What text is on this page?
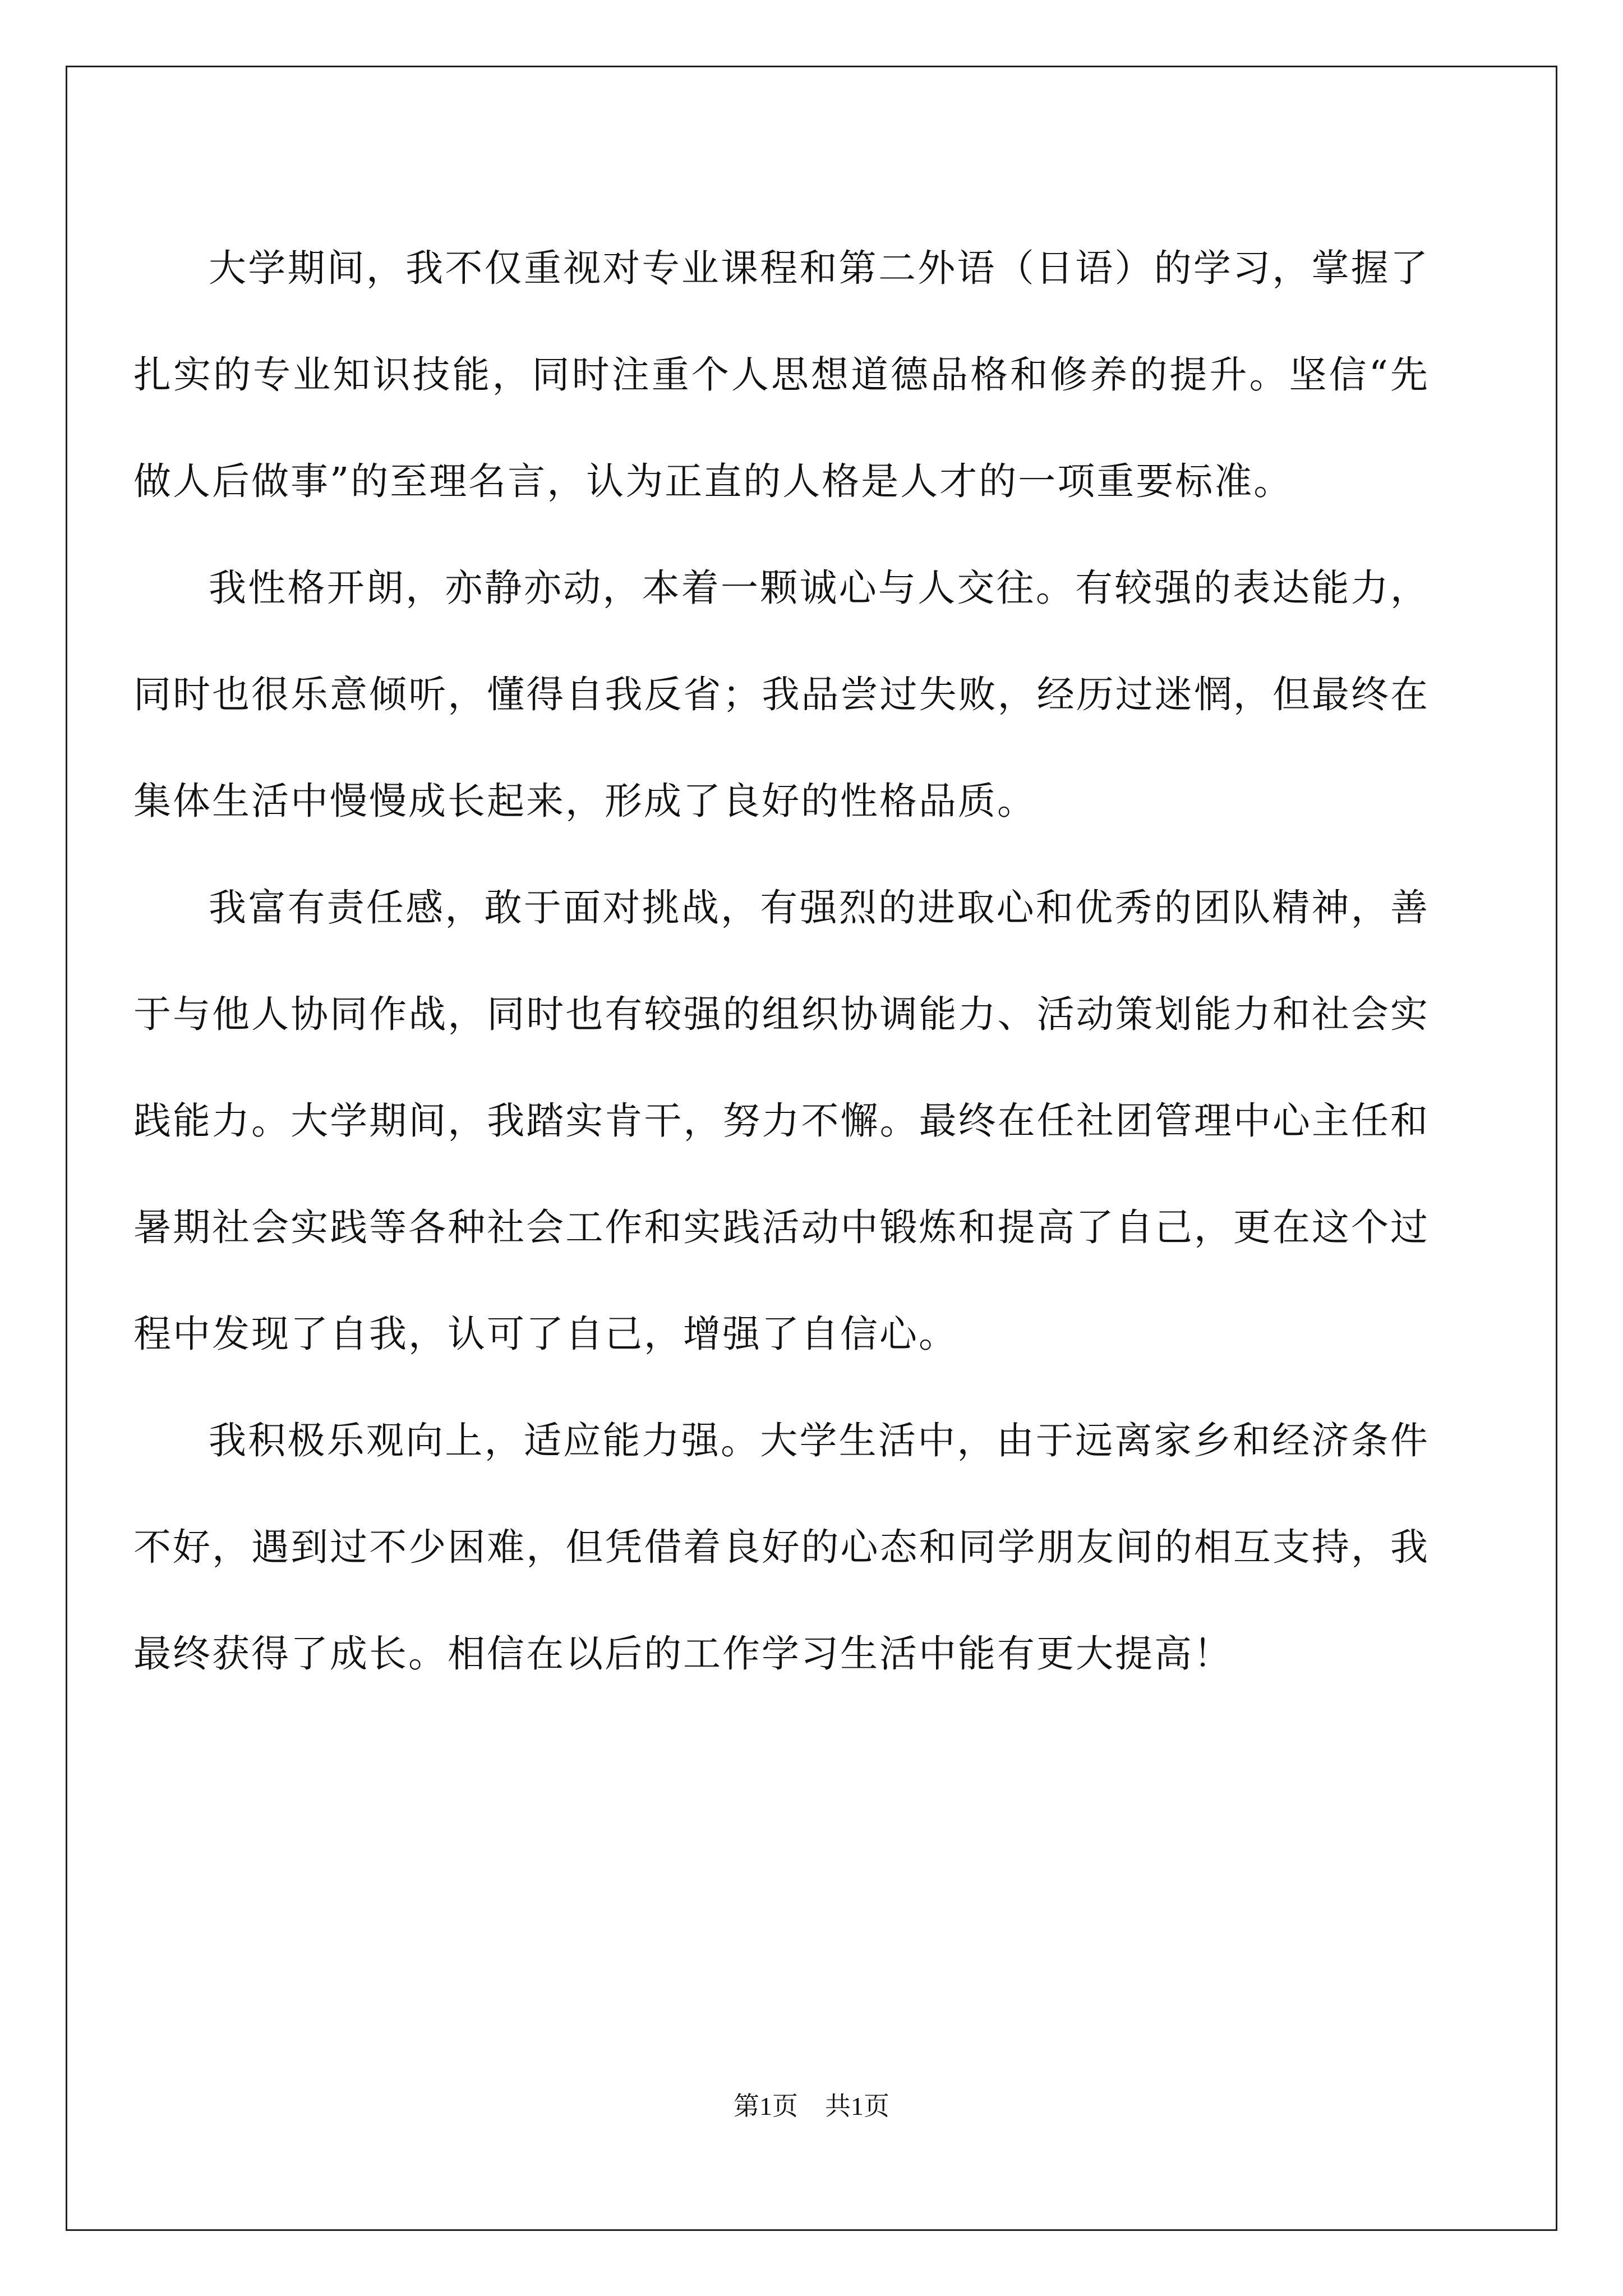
大学期间，我不仅重视对专业课程和第二外语（日语）的学习，掌握了扎实的专业知识技能，同时注重个人思想道德品格和修养的提升。坚信“先做人后做事”的至理名言，认为正直的人格是人才的一项重要标准。

我性格开朗，亦静亦动，本着一颗诚心与人交往。有较强的表达能力，同时也很乐意倾听，懂得自我反省；我品尝过失败，经历过迷惘，但最终在集体生活中慢慢成长起来，形成了良好的性格品质。

我富有责任感，敢于面对挑战，有强烈的进取心和优秀的团队精神，善于与他人协同作战，同时也有较强的组织协调能力、活动策划能力和社会实践能力。大学期间，我踏实肯干，努力不懈。最终在任社团管理中心主任和暑期社会实践等各种社会工作和实践活动中锻炼和提高了自己，更在这个过程中发现了自我，认可了自己，增强了自信心。

我积极乐观向上，适应能力强。大学生活中，由于远离家乡和经济条件不好，遇到过不少困难，但凭借着良好的心态和同学朋友间的相互支持，我最终获得了成长。相信在以后的工作学习生活中能有更大提高！

第1页 共1页
